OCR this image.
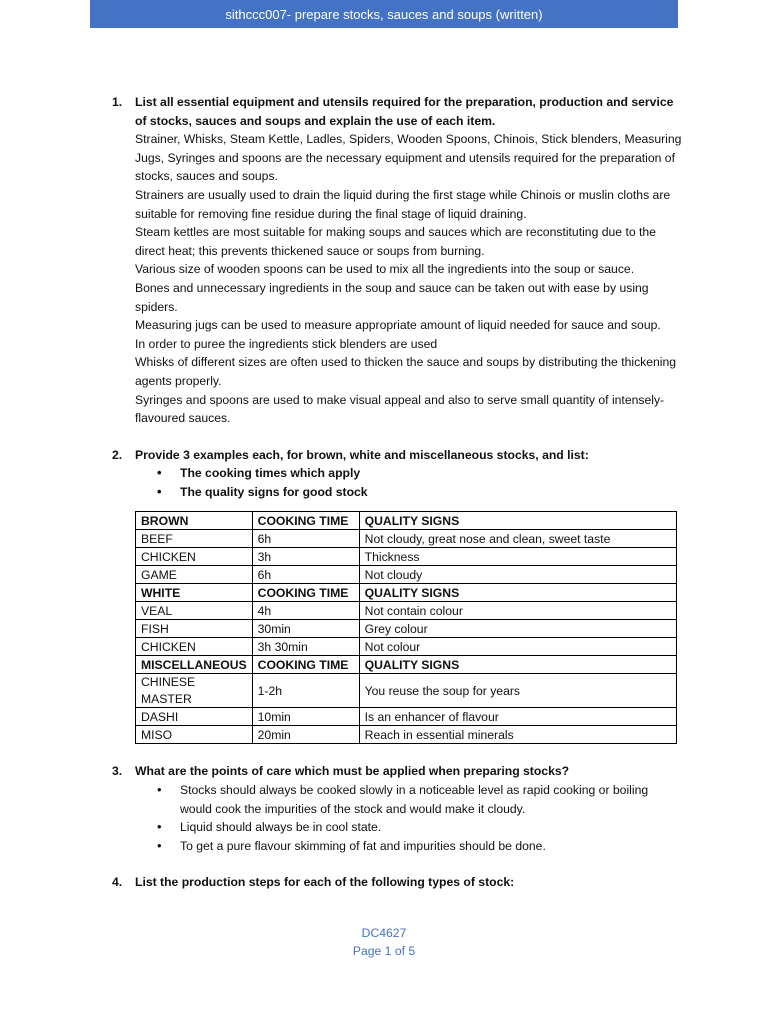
sithccc007- prepare stocks, sauces and soups (written)
1. List all essential equipment and utensils required for the preparation, production and service of stocks, sauces and soups and explain the use of each item.

Strainer, Whisks, Steam Kettle, Ladles, Spiders, Wooden Spoons, Chinois, Stick blenders, Measuring Jugs, Syringes and spoons are the necessary equipment and utensils required for the preparation of stocks, sauces and soups.

Strainers are usually used to drain the liquid during the first stage while Chinois or muslin cloths are suitable for removing fine residue during the final stage of liquid draining.

Steam kettles are most suitable for making soups and sauces which are reconstituting due to the direct heat; this prevents thickened sauce or soups from burning.

Various size of wooden spoons can be used to mix all the ingredients into the soup or sauce.

Bones and unnecessary ingredients in the soup and sauce can be taken out with ease by using spiders.

Measuring jugs can be used to measure appropriate amount of liquid needed for sauce and soup.

In order to puree the ingredients stick blenders are used

Whisks of different sizes are often used to thicken the sauce and soups by distributing the thickening agents properly.

Syringes and spoons are used to make visual appeal and also to serve small quantity of intensely-flavoured sauces.

2. Provide 3 examples each, for brown, white and miscellaneous stocks, and list:
• The cooking times which apply
• The quality signs for good stock
BROWN	COOKING TIME	QUALITY SIGNS
BEEF	6h	Not cloudy, great nose and clean, sweet taste
CHICKEN	3h	Thickness
GAME	6h	Not cloudy
WHITE	COOKING TIME	QUALITY SIGNS
VEAL	4h	Not contain colour
FISH	30min	Grey colour
CHICKEN	3h 30min	Not colour
MISCELLANEOUS	COOKING TIME	QUALITY SIGNS
CHINESE MASTER	1-2h	You reuse the soup for years
DASHI	10min	Is an enhancer of flavour
MISO	20min	Reach in essential minerals
3. What are the points of care which must be applied when preparing stocks?
• Stocks should always be cooked slowly in a noticeable level as rapid cooking or boiling would cook the impurities of the stock and would make it cloudy.
• Liquid should always be in cool state.
• To get a pure flavour skimming of fat and impurities should be done.
4. List the production steps for each of the following types of stock:
DC4627
Page 1 of 5
